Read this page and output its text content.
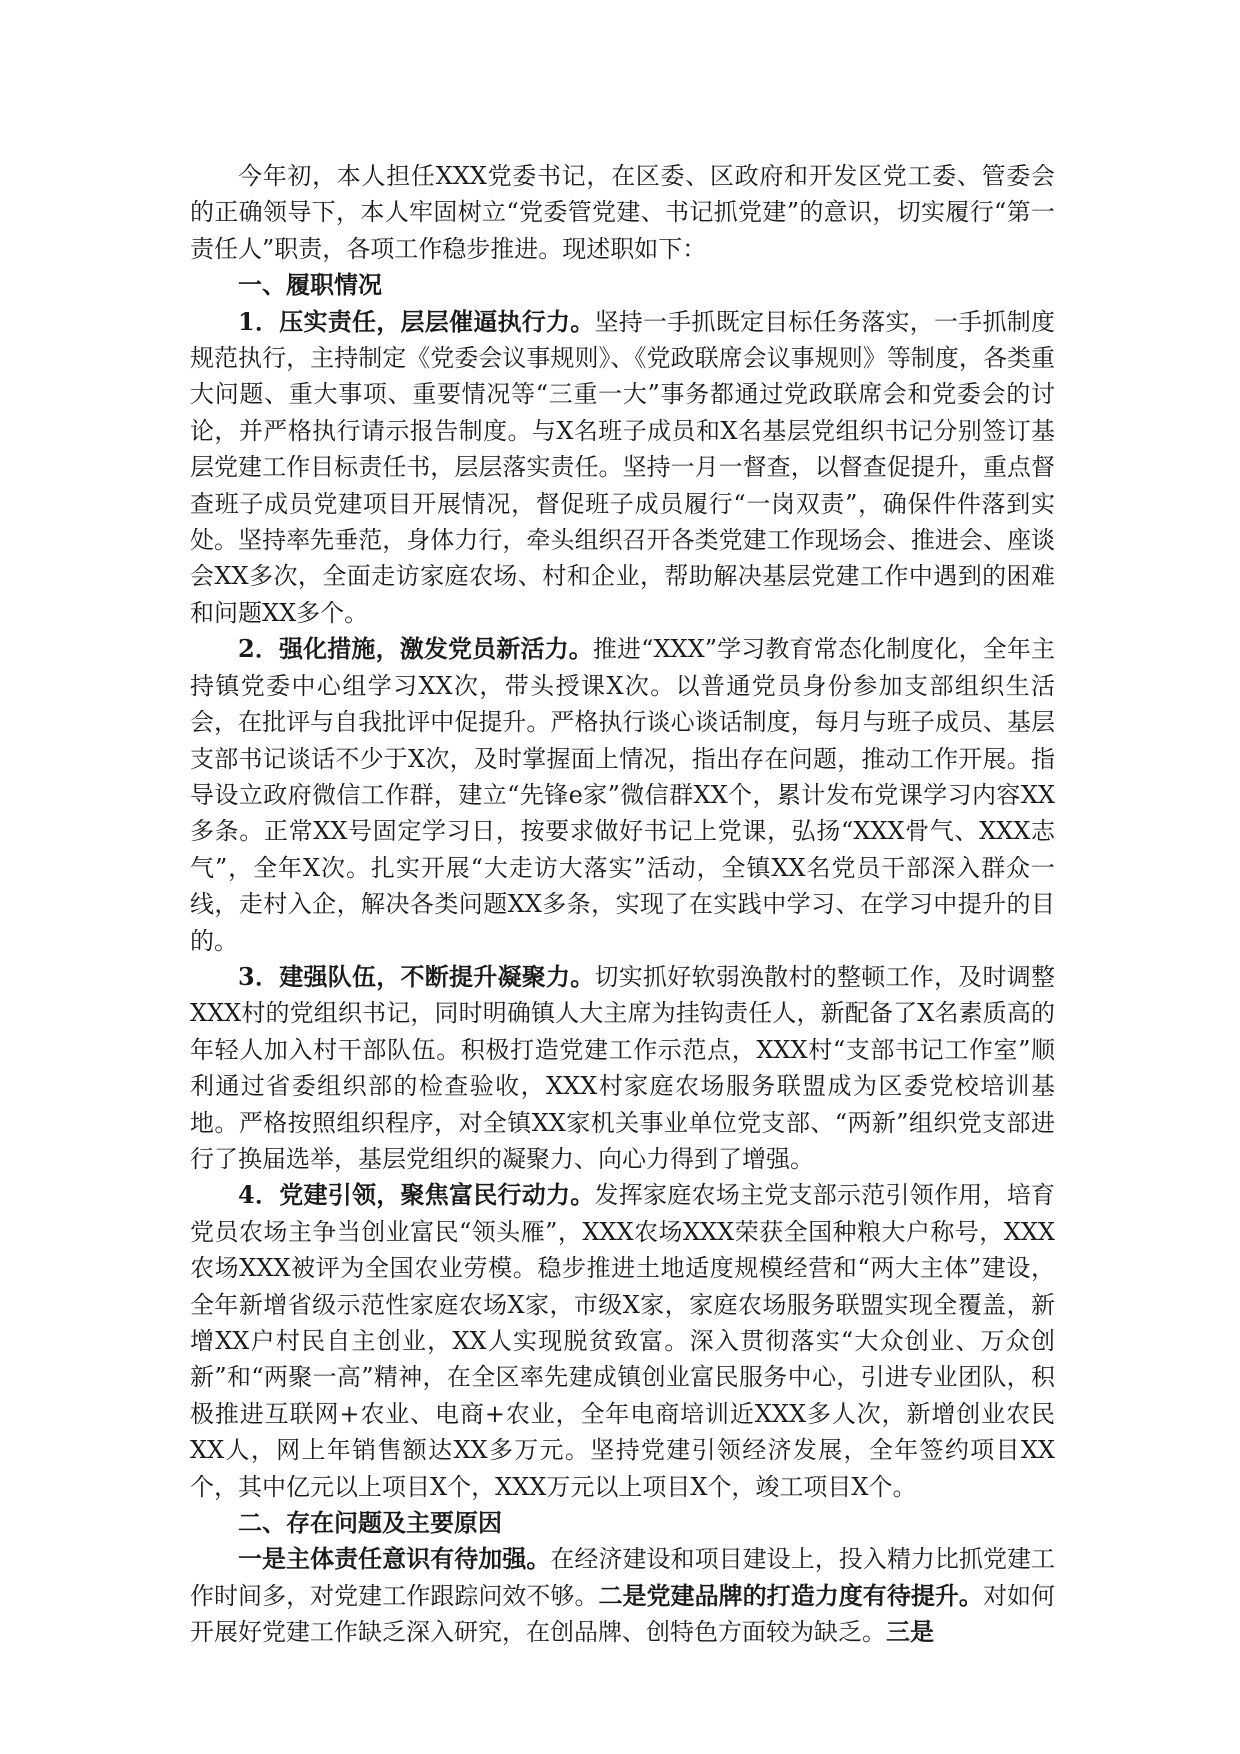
今年初，本人担任XXX党委书记，在区委、区政府和开发区党工委、管委会的正确领导下，本人牢固树立“党委管党建、书记抓党建”的意识，切实履行“第一责任人”职责，各项工作稳步推进。现述职如下：

一、履职情况

1．压实责任，层层催逼执行力。坚持一手抓既定目标任务落实，一手抓制度规范执行，主持制定《党委会议事规则》、《党政联席会议事规则》等制度，各类重大问题、重大事项、重要情况等“三重一大”事务都通过党政联席会和党委会的讨论，并严格执行请示报告制度。与X名班子成员和X名基层党组织书记分别签订基层党建工作目标责任书，层层落实责任。坚持一月一督查，以督查促提升，重点督查班子成员党建项目开展情况，督促班子成员履行“一岗双责”，确保件件落到实处。坚持率先垂范，身体力行，牵头组织召开各类党建工作现场会、推进会、座谈会XX多次，全面走访家庭农场、村和企业，帮助解决基层党建工作中遇到的困难和问题XX多个。

2．强化措施，激发党员新活力。推进“XXX”学习教育常态化制度化，全年主持镇党委中心组学习XX次，带头授课X次。以普通党员身份参加支部组织生活会，在批评与自我批评中促提升。严格执行谈心谈话制度，每月与班子成员、基层支部书记谈话不少于X次，及时掌握面上情况，指出存在问题，推动工作开展。指导设立政府微信工作群，建立“先锋e家”微信群XX个，累计发布党课学习内容XX多条。正常XX号固定学习日，按要求做好书记上党课，弘扬“XXX骨气、XXX志气”，全年X次。扎实开展“大走访大落实”活动，全镇XX名党员干部深入群众一线，走村入企，解决各类问题XX多条，实现了在实践中学习、在学习中提升的目的。

3．建强队伍，不断提升凝聚力。切实抓好软弱涣散村的整顿工作，及时调整XXX村的党组织书记，同时明确镇人大主席为挂钩责任人，新配备了X名素质高的年轻人加入村干部队伍。积极打造党建工作示范点，XXX村“支部书记工作室”顺利通过省委组织部的检查验收，XXX村家庭农场服务联盟成为区委党校培训基地。严格按照组织程序，对全镇XX家机关事业单位党支部、“两新”组织党支部进行了换届选举，基层党组织的凝聚力、向心力得到了增强。

4．党建引领，聚焦富民行动力。发挥家庭农场主党支部示范引领作用，培育党员农场主争当创业富民“领头雁”，XXX农场XXX荣获全国种粮大户称号，XXX农场XXX被评为全国农业劳模。稳步推进土地适度规模经营和“两大主体”建设，全年新增省级示范性家庭农场X家，市级X家，家庭农场服务联盟实现全覆盖，新增XX户村民自主创业，XX人实现脱贫致富。深入贯彻落实“大众创业、万众创新”和“两聚一高”精神，在全区率先建成镇创业富民服务中心，引进专业团队，积极推进互联网+农业、电商+农业，全年电商培训近XXX多人次，新增创业农民XX人，网上年销售额达XX多万元。坚持党建引领经济发展，全年签约项目XX个，其中亿元以上项目X个，XXX万元以上项目X个，竣工项目X个。

二、存在问题及主要原因

一是主体责任意识有待加强。在经济建设和项目建设上，投入精力比抓党建工作时间多，对党建工作跟踪问效不够。二是党建品牌的打造力度有待提升。对如何开展好党建工作缺乏深入研究，在创品牌、创特色方面较为缺乏。三是
